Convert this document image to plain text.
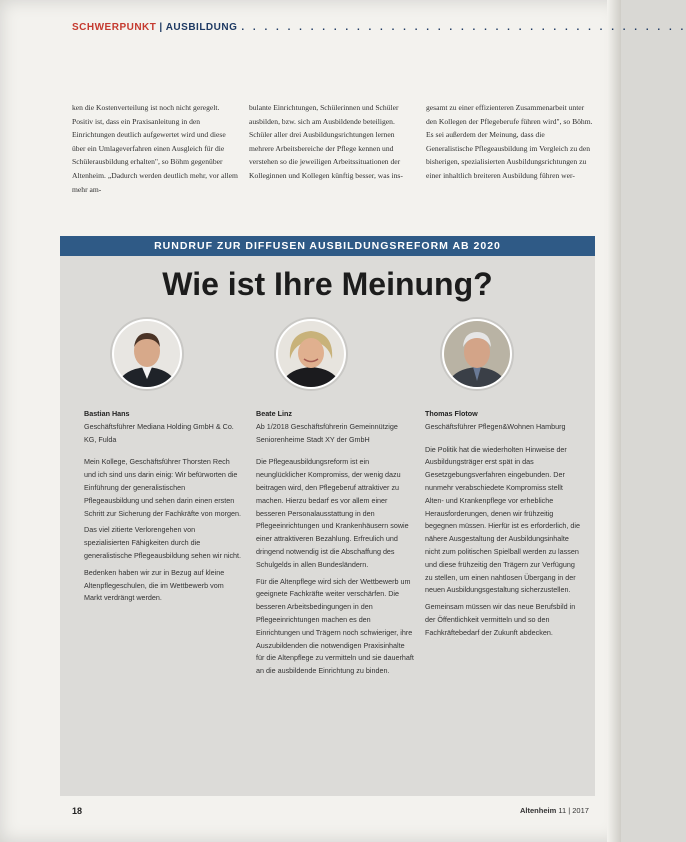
SCHWERPUNKT | AUSBILDUNG . . . . . . . . . . . . . . . . . . . . . . . . . . . . . . . . . . . . . . .

ken die Kostenverteilung ist noch nicht geregelt. Positiv ist, dass ein Praxisanleitung in den Einrichtungen deutlich aufgewertet wird und diese über ein Umlageverfahren einen Ausgleich für die Schülerausbildung erhalten", so Böhm gegenüber Altenheim. „Dadurch werden deutlich mehr, vor allem mehr am-

bulante Einrichtungen, Schülerinnen und Schüler ausbilden, bzw. sich am Ausbildende beteiligen. Schüler aller drei Ausbildungsrichtungen lernen mehrere Arbeitsbereiche der Pflege kennen und verstehen so die jeweiligen Arbeitssituationen der Kolleginnen und Kollegen künftig besser, was ins-

gesamt zu einer effizienteren Zusammenarbeit unter den Kollegen der Pflegeberufe führen wird", so Böhm. Es sei außerdem der Meinung, dass die Generalistische Pflegeausbildung im Vergleich zu den bisherigen, spezialisierten Ausbildungsrichtungen zu einer inhaltlich breiteren Ausbildung führen wer-

RUNDRUF ZUR DIFFUSEN AUSBILDUNGSREFORM AB 2020
Wie ist Ihre Meinung?
Bastian Hans
Geschäftsführer Mediana Holding GmbH & Co. KG, Fulda

Mein Kollege, Geschäftsführer Thorsten Rech und ich sind uns darin einig: Wir befürworten die Einführung der generalistischen Pflegeausbildung und sehen darin einen ersten Schritt zur Sicherung der Fachkräfte von morgen.

Das viel zitierte Verlorengehen von spezialisierten Fähigkeiten durch die generalistische Pflegeausbildung sehen wir nicht.

Bedenken haben wir zur in Bezug auf kleine Altenpflegeschulen, die im Wettbewerb vom Markt verdrängt werden.

Beate Linz
Ab 1/2018 Geschäftsführerin Gemeinnützige Seniorenheime Stadt XY der GmbH

Die Pflegeausbildungsreform ist ein neunglücklicher Kompromiss, der wenig dazu beitragen wird, den Pflegeberuf attraktiver zu machen. Hierzu bedarf es vor allem einer besseren Personalausstattung in den Pflegeeinrichtungen und Krankenhäusern sowie einer attraktiveren Bezahlung. Erfreulich und dringend notwendig ist die Abschaffung des Schulgelds in allen Bundesländern.

Für die Altenpflege wird sich der Wettbewerb um geeignete Fachkräfte weiter verschärfen. Die besseren Arbeitsbedingungen in den Pflegeeinrichtungen machen es den Einrichtungen und Trägern noch schwieriger, ihre Auszubildenden die notwendigen Praxisinhalte für die Altenpflege zu vermitteln und sie dauerhaft an die ausbildende Einrichtung zu binden.

Thomas Flotow
Geschäftsführer Pflegen&Wohnen Hamburg

Die Politik hat die wiederholten Hinweise der Ausbildungsträger erst spät in das Gesetzgebungsverfahren eingebunden. Der nunmehr verabschiedete Kompromiss stellt Alten- und Krankenpflege vor erhebliche Herausforderungen, denen wir frühzeitig begegnen müssen. Hierfür ist es erforderlich, die nähere Ausgestaltung der Ausbildungsinhalte nicht zum politischen Spielball werden zu lassen und diese frühzeitig den Trägern zur Verfügung zu stellen, um einen nahtlosen Übergang in der neuen Ausbildungsgestaltung sicherzustellen.

Gemeinsam müssen wir das neue Berufsbild in der Öffentlichkeit vermitteln und so den Fachkräftebedarf der Zukunft abdecken.

18	Altenheim 11 | 2017
